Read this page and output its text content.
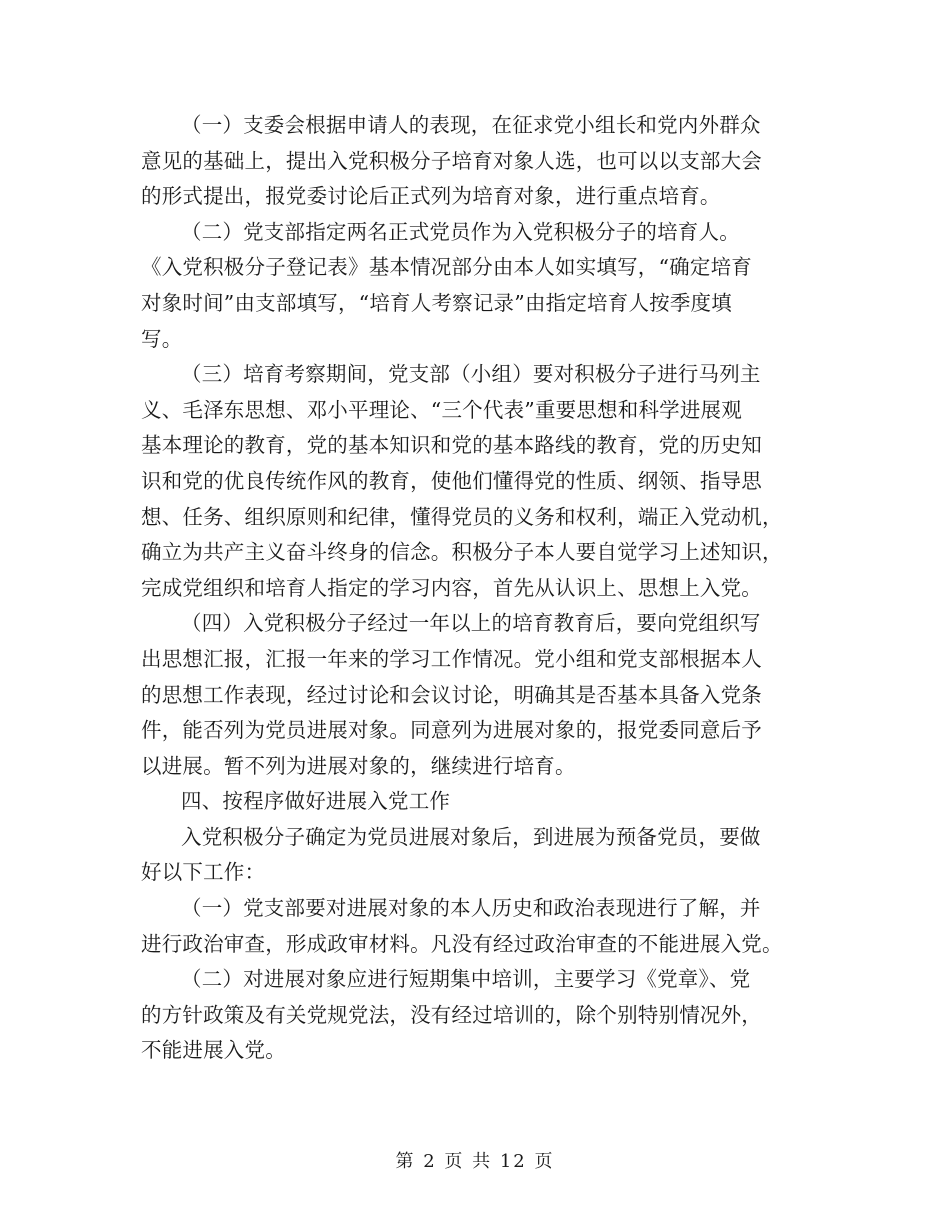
（一）支委会根据申请人的表现，在征求党小组长和党内外群众
意见的基础上，提出入党积极分子培育对象人选，也可以以支部大会
的形式提出，报党委讨论后正式列为培育对象，进行重点培育。
（二）党支部指定两名正式党员作为入党积极分子的培育人。
《入党积极分子登记表》基本情况部分由本人如实填写，“确定培育
对象时间”由支部填写，“培育人考察记录”由指定培育人按季度填
写。
（三）培育考察期间，党支部（小组）要对积极分子进行马列主
义、毛泽东思想、邓小平理论、“三个代表”重要思想和科学进展观
基本理论的教育，党的基本知识和党的基本路线的教育，党的历史知
识和党的优良传统作风的教育，使他们懂得党的性质、纲领、指导思
想、任务、组织原则和纪律，懂得党员的义务和权利，端正入党动机，
确立为共产主义奋斗终身的信念。积极分子本人要自觉学习上述知识，
完成党组织和培育人指定的学习内容，首先从认识上、思想上入党。
（四）入党积极分子经过一年以上的培育教育后，要向党组织写
出思想汇报，汇报一年来的学习工作情况。党小组和党支部根据本人
的思想工作表现，经过讨论和会议讨论，明确其是否基本具备入党条
件，能否列为党员进展对象。同意列为进展对象的，报党委同意后予
以进展。暂不列为进展对象的，继续进行培育。
四、按程序做好进展入党工作
入党积极分子确定为党员进展对象后，到进展为预备党员，要做
好以下工作：
（一）党支部要对进展对象的本人历史和政治表现进行了解，并
进行政治审查，形成政审材料。凡没有经过政治审查的不能进展入党。
（二）对进展对象应进行短期集中培训，主要学习《党章》、党
的方针政策及有关党规党法，没有经过培训的，除个别特别情况外，
不能进展入党。
第 2 页 共 12 页
